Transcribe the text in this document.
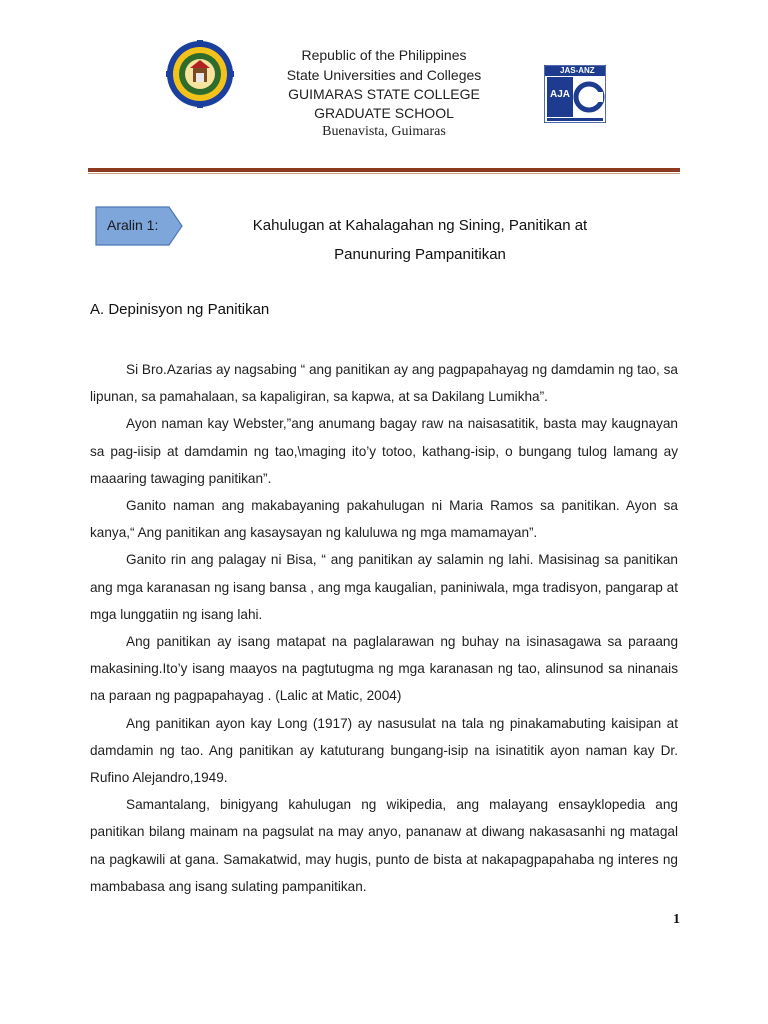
Republic of the Philippines
State Universities and Colleges
GUIMARAS STATE COLLEGE
GRADUATE SCHOOL
Buenavista, Guimaras
JAS-ANZ
AJA
Aralin 1:	Kahulugan at Kahalagahan ng Sining, Panitikan at
Panunuring Pampanitikan
A. Depinisyon ng Panitikan

Si Bro.Azarias ay nagsabing “ ang panitikan ay ang pagpapahayag ng damdamin ng tao, sa lipunan, sa pamahalaan, sa kapaligiran, sa kapwa, at sa Dakilang Lumikha”.

Ayon naman kay Webster,”ang anumang bagay raw na naisasatitik, basta may kaugnayan sa pag-iisip at damdamin ng tao,\maging ito’y totoo, kathang-isip, o bungang tulog lamang ay maaaring tawaging panitikan”.

Ganito naman ang makabayaning pakahulugan ni Maria Ramos sa panitikan. Ayon sa kanya,“ Ang panitikan ang kasaysayan ng kaluluwa ng mga mamamayan”.

Ganito rin ang palagay ni Bisa, “ ang panitikan ay salamin ng lahi. Masisinag sa panitikan ang mga karanasan ng isang bansa , ang mga kaugalian, paniniwala, mga tradisyon, pangarap at mga lunggatiin ng isang lahi.

Ang panitikan ay isang matapat na paglalarawan ng buhay na isinasagawa sa paraang makasining.Ito’y isang maayos na pagtutugma ng mga karanasan ng tao, alinsunod sa ninanais na paraan ng pagpapahayag . (Lalic at Matic, 2004)

Ang panitikan ayon kay Long (1917) ay nasusulat na tala ng pinakamabuting kaisipan at damdamin ng tao. Ang panitikan ay katuturang bungang-isip na isinatitik ayon naman kay Dr. Rufino Alejandro,1949.

Samantalang, binigyang kahulugan ng wikipedia, ang malayang ensayklopedia ang panitikan bilang mainam na pagsulat na may anyo, pananaw at diwang nakasasanhi ng matagal na pagkawili at gana. Samakatwid, may hugis, punto de bista at nakapagpapahaba ng interes ng mambabasa ang isang sulating pampanitikan.

1
